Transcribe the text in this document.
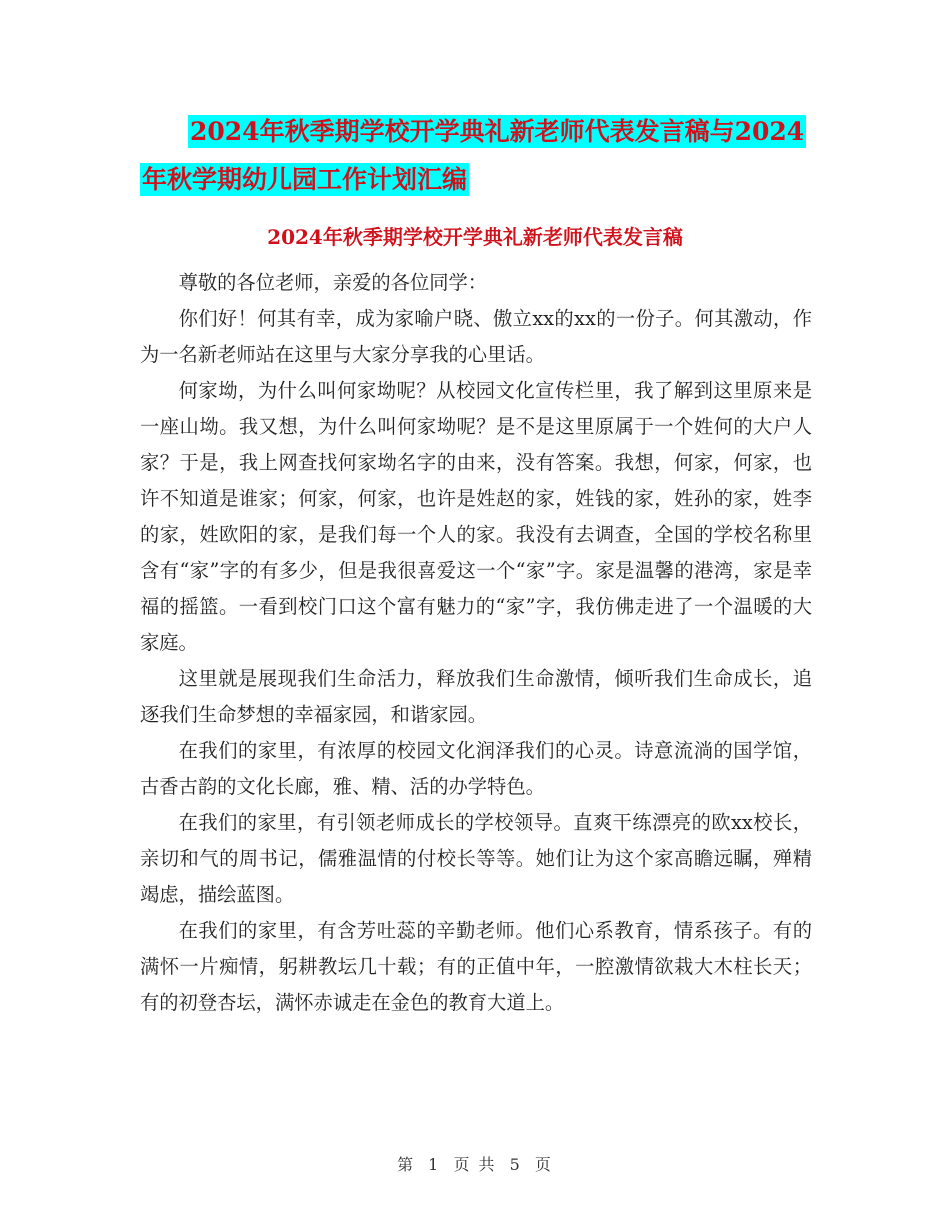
2024年秋季期学校开学典礼新老师代表发言稿与2024
年秋学期幼儿园工作计划汇编
2024年秋季期学校开学典礼新老师代表发言稿

尊敬的各位老师，亲爱的各位同学：

你们好！何其有幸，成为家喻户晓、傲立xx的xx的一份子。何其激动，作为一名新老师站在这里与大家分享我的心里话。

何家坳，为什么叫何家坳呢？从校园文化宣传栏里，我了解到这里原来是一座山坳。我又想，为什么叫何家坳呢？是不是这里原属于一个姓何的大户人家？于是，我上网查找何家坳名字的由来，没有答案。我想，何家，何家，也许不知道是谁家；何家，何家，也许是姓赵的家，姓钱的家，姓孙的家，姓李的家，姓欧阳的家，是我们每一个人的家。我没有去调查，全国的学校名称里含有“家”字的有多少，但是我很喜爱这一个“家”字。家是温馨的港湾，家是幸福的摇篮。一看到校门口这个富有魅力的“家”字，我仿佛走进了一个温暖的大家庭。

这里就是展现我们生命活力，释放我们生命激情，倾听我们生命成长，追逐我们生命梦想的幸福家园，和谐家园。

在我们的家里，有浓厚的校园文化润泽我们的心灵。诗意流淌的国学馆，古香古韵的文化长廊，雅、精、活的办学特色。

在我们的家里，有引领老师成长的学校领导。直爽干练漂亮的欧xx校长，亲切和气的周书记，儒雅温情的付校长等等。她们让为这个家高瞻远瞩，殚精竭虑，描绘蓝图。

在我们的家里，有含芳吐蕊的辛勤老师。他们心系教育，情系孩子。有的满怀一片痴情，躬耕教坛几十载；有的正值中年，一腔激情欲栽大木柱长天；有的初登杏坛，满怀赤诚走在金色的教育大道上。

第 1 页 共 5 页
